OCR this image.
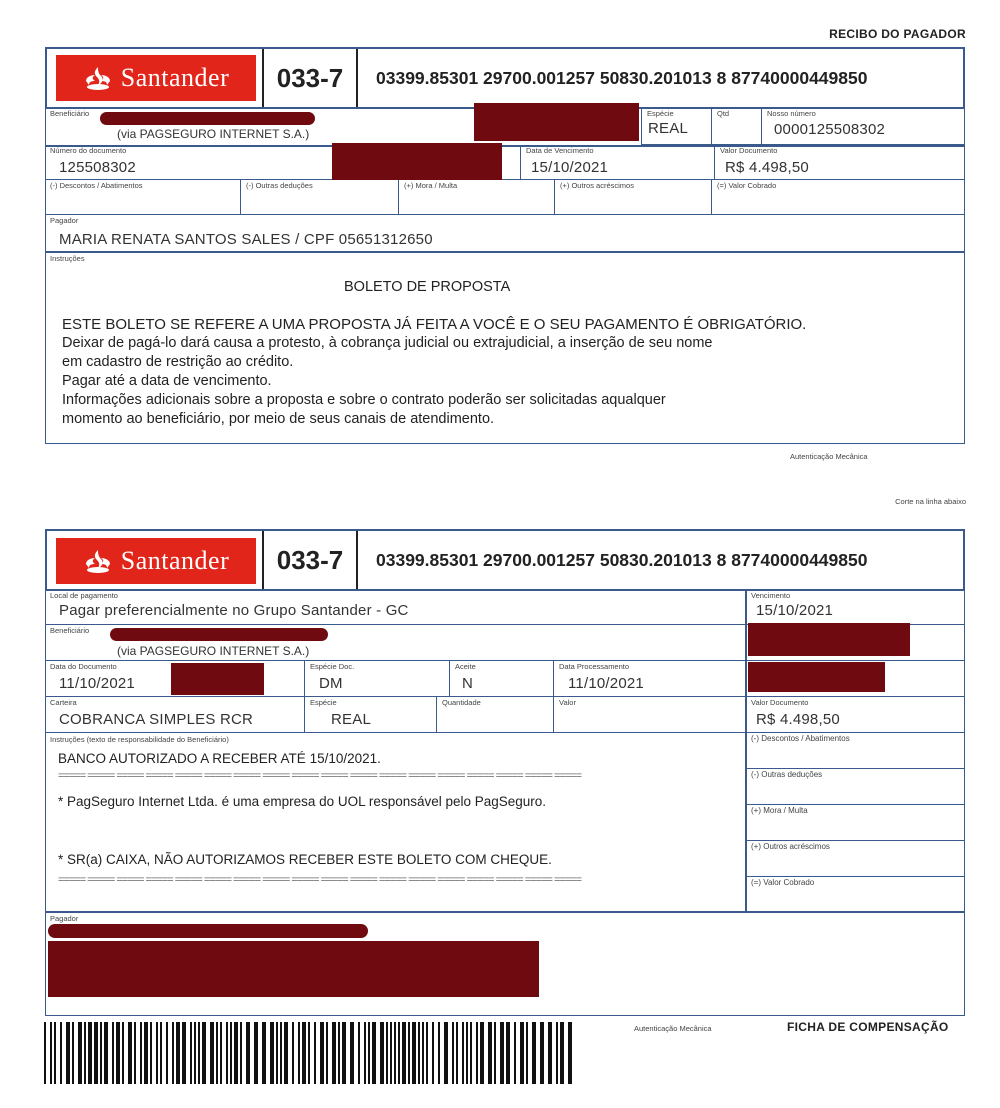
RECIBO DO PAGADOR
Santander	033-7	03399.85301 29700.001257 50830.201013 8 87740000449850
Beneficiário
(via PAGSEGURO INTERNET S.A.)
Espécie
REAL
Qtd	Nosso número
0000125508302
Número do documento
125508302
Data de Vencimento
15/10/2021
Valor Documento
R$ 4.498,50
(-) Descontos / Abatimentos	(-) Outras deduções	(+) Mora / Multa	(+) Outros acréscimos	(=) Valor Cobrado
Pagador
MARIA RENATA SANTOS SALES / CPF 05651312650
Instruções
BOLETO DE PROPOSTA
ESTE BOLETO SE REFERE A UMA PROPOSTA JÁ FEITA A VOCÊ E O SEU PAGAMENTO É OBRIGATÓRIO.
Deixar de pagá-lo dará causa a protesto, à cobrança judicial ou extrajudicial, a inserção de seu nome
em cadastro de restrição ao crédito.
Pagar até a data de vencimento.
Informações adicionais sobre a proposta e sobre o contrato poderão ser solicitadas aqualquer
momento ao beneficiário, por meio de seus canais de atendimento.
Autenticação Mecânica
Corte na linha abaixo
Santander	033-7	03399.85301 29700.001257 50830.201013 8 87740000449850
Local de pagamento
Pagar preferencialmente no Grupo Santander - GC
Vencimento
15/10/2021
Beneficiário
(via PAGSEGURO INTERNET S.A.)
Data do Documento
11/10/2021
Espécie Doc.
DM
Aceite
N
Data Processamento
11/10/2021
Carteira
COBRANCA SIMPLES RCR
Espécie
REAL
Quantidade	Valor	Valor Documento
R$ 4.498,50
Instruções (texto de responsabilidade do Beneficiário)
BANCO AUTORIZADO A RECEBER ATÉ 15/10/2021.
===== ===== ===== ===== ===== ===== ===== ===== ===== ===== ===== ===== ===== ===== ===== ===== ===== =====
* PagSeguro Internet Ltda. é uma empresa do UOL responsável pelo PagSeguro.
* SR(a) CAIXA, NÃO AUTORIZAMOS RECEBER ESTE BOLETO COM CHEQUE.
===== ===== ===== ===== ===== ===== ===== ===== ===== ===== ===== ===== ===== ===== ===== ===== ===== =====
(-) Descontos / Abatimentos
(-) Outras deduções
(+) Mora / Multa
(+) Outros acréscimos
(=) Valor Cobrado
Pagador
Autenticação Mecânica	FICHA DE COMPENSAÇÃO
